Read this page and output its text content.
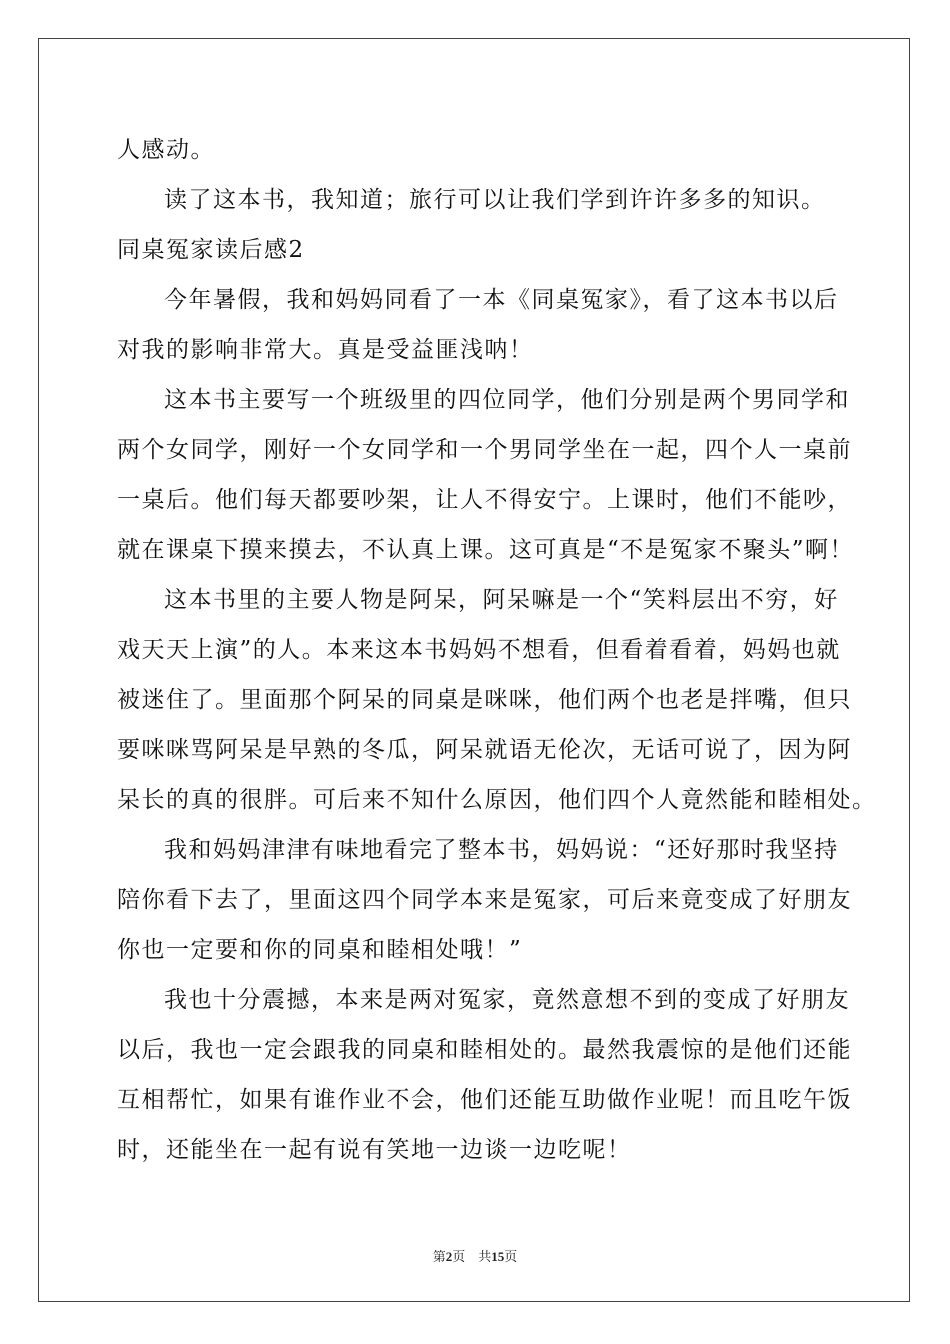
人感动。
读了这本书，我知道；旅行可以让我们学到许许多多的知识。
同桌冤家读后感2
今年暑假，我和妈妈同看了一本《同桌冤家》，看了这本书以后
对我的影响非常大。真是受益匪浅呐！
这本书主要写一个班级里的四位同学，他们分别是两个男同学和
两个女同学，刚好一个女同学和一个男同学坐在一起，四个人一桌前
一桌后。他们每天都要吵架，让人不得安宁。上课时，他们不能吵，
就在课桌下摸来摸去，不认真上课。这可真是“不是冤家不聚头”啊！
这本书里的主要人物是阿呆，阿呆嘛是一个“笑料层出不穷，好
戏天天上演”的人。本来这本书妈妈不想看，但看着看着，妈妈也就
被迷住了。里面那个阿呆的同桌是咪咪，他们两个也老是拌嘴，但只
要咪咪骂阿呆是早熟的冬瓜，阿呆就语无伦次，无话可说了，因为阿
呆长的真的很胖。可后来不知什么原因，他们四个人竟然能和睦相处。
我和妈妈津津有味地看完了整本书，妈妈说：“还好那时我坚持
陪你看下去了，里面这四个同学本来是冤家，可后来竟变成了好朋友
你也一定要和你的同桌和睦相处哦！”
我也十分震撼，本来是两对冤家，竟然意想不到的变成了好朋友
以后，我也一定会跟我的同桌和睦相处的。最然我震惊的是他们还能
互相帮忙，如果有谁作业不会，他们还能互助做作业呢！而且吃午饭
时，还能坐在一起有说有笑地一边谈一边吃呢！
第2页　共15页
